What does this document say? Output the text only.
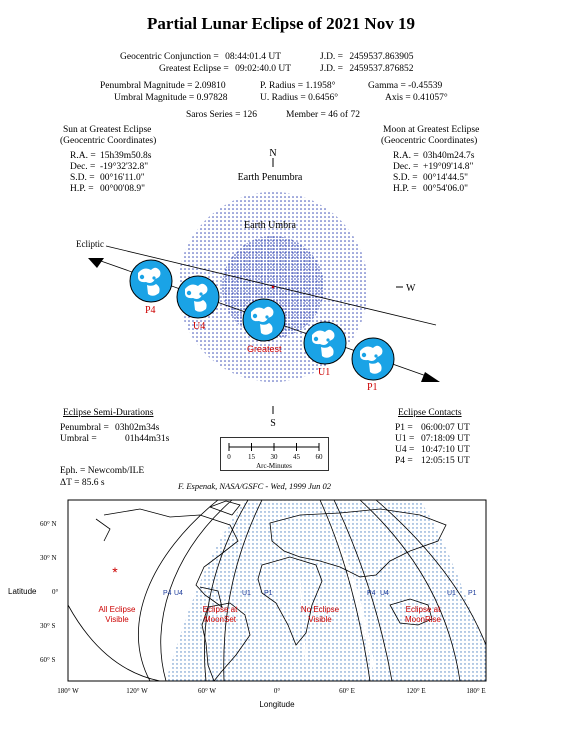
Partial Lunar Eclipse of 2021 Nov 19
Geocentric Conjunction = 08:44:01.4 UT	J.D. = 2459537.863905
Greatest Eclipse = 09:02:40.0 UT	J.D. = 2459537.876852
Penumbral Magnitude = 2.09810	P. Radius = 1.1958°	Gamma = -0.45539
Umbral Magnitude = 0.97828	U. Radius = 0.6456°	Axis = 0.41057°
Saros Series = 126	Member = 46 of 72
Sun at Greatest Eclipse
(Geocentric Coordinates)
R.A. = 15h39m50.8s
Dec. = -19°32'32.8"
S.D. = 00°16'11.0"
H.P. = 00°00'08.9"
Moon at Greatest Eclipse
(Geocentric Coordinates)
R.A. = 03h40m24.7s
Dec. = +19°09'14.8"
S.D. = 00°14'44.5"
H.P. = 00°54'06.0"
Earth Penumbra
Earth Umbra
N
S
W
Ecliptic
P4
U4
Greatest
U1
P1
Eclipse Semi-Durations
Penumbral = 03h02m34s
Umbral =	01h44m31s
Eclipse Contacts
P1 = 06:00:07 UT
U1 = 07:18:09 UT
U4 = 10:47:10 UT
P4 = 12:05:15 UT
0 15 30 45 60
Arc-Minutes
Eph. = Newcomb/ILE
ΔT = 85.6 s	F. Espenak, NASA/GSFC - Wed, 1999 Jun 02
P4 U4	U1 P1	P4 U4	U1 P1
All Eclipse
Visible
Eclipse at
MoonSet
No Eclipse
Visible
Eclipse at
MoonRise
*
Latitude
Longitude
60° N
30° N
0°
30° S
60° S
180° W	120° W	60° W	0°	60° E	120° E	180° E
